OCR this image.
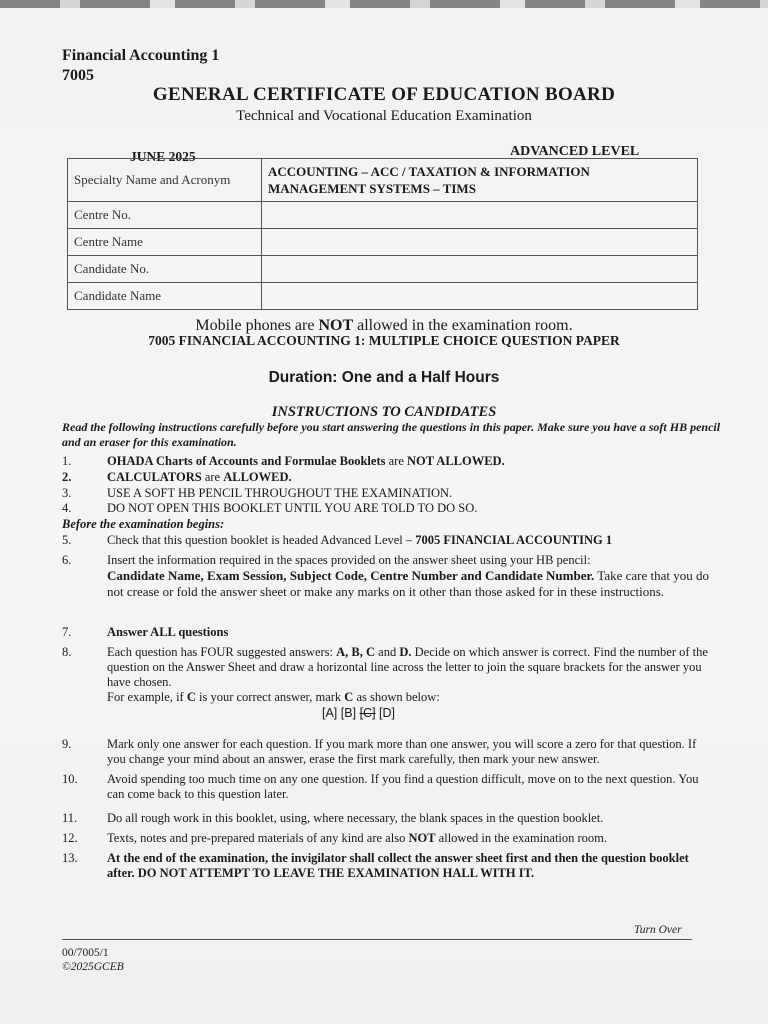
Financial Accounting 1
7005
GENERAL CERTIFICATE OF EDUCATION BOARD
Technical and Vocational Education Examination
JUNE 2025	ADVANCED LEVEL
Specialty Name and Acronym	ACCOUNTING – ACC / TAXATION & INFORMATION
MANAGEMENT SYSTEMS – TIMS

Centre No.	
Centre Name	
Candidate No.	
Candidate Name	
Mobile phones are NOT allowed in the examination room.
7005 FINANCIAL ACCOUNTING 1: MULTIPLE CHOICE QUESTION PAPER
Duration: One and a Half Hours
INSTRUCTIONS TO CANDIDATES
Read the following instructions carefully before you start answering the questions in this paper. Make sure you have a soft HB pencil and an eraser for this examination.
1.	OHADA Charts of Accounts and Formulae Booklets are NOT ALLOWED.
2.	CALCULATORS are ALLOWED.
3.	USE A SOFT HB PENCIL THROUGHOUT THE EXAMINATION.
4.	DO NOT OPEN THIS BOOKLET UNTIL YOU ARE TOLD TO DO SO.
Before the examination begins:
5.	Check that this question booklet is headed Advanced Level – 7005 FINANCIAL ACCOUNTING 1
6.	Insert the information required in the spaces provided on the answer sheet using your HB pencil:
Candidate Name, Exam Session, Subject Code, Centre Number and Candidate Number. Take care that you do not crease or fold the answer sheet or make any marks on it other than those asked for in these instructions.
7.	Answer ALL questions
8.	Each question has FOUR suggested answers: A, B, C and D. Decide on which answer is correct. Find the number of the question on the Answer Sheet and draw a horizontal line across the letter to join the square brackets for the answer you have chosen.
For example, if C is your correct answer, mark C as shown below:
[A] [B] [C] [D]
9.	Mark only one answer for each question. If you mark more than one answer, you will score a zero for that question. If you change your mind about an answer, erase the first mark carefully, then mark your new answer.
10.	Avoid spending too much time on any one question. If you find a question difficult, move on to the next question. You can come back to this question later.
11.	Do all rough work in this booklet, using, where necessary, the blank spaces in the question booklet.
12.	Texts, notes and pre-prepared materials of any kind are also NOT allowed in the examination room.
13.	At the end of the examination, the invigilator shall collect the answer sheet first and then the question booklet after. DO NOT ATTEMPT TO LEAVE THE EXAMINATION HALL WITH IT.
Turn Over
00/7005/1
©2025GCEB
